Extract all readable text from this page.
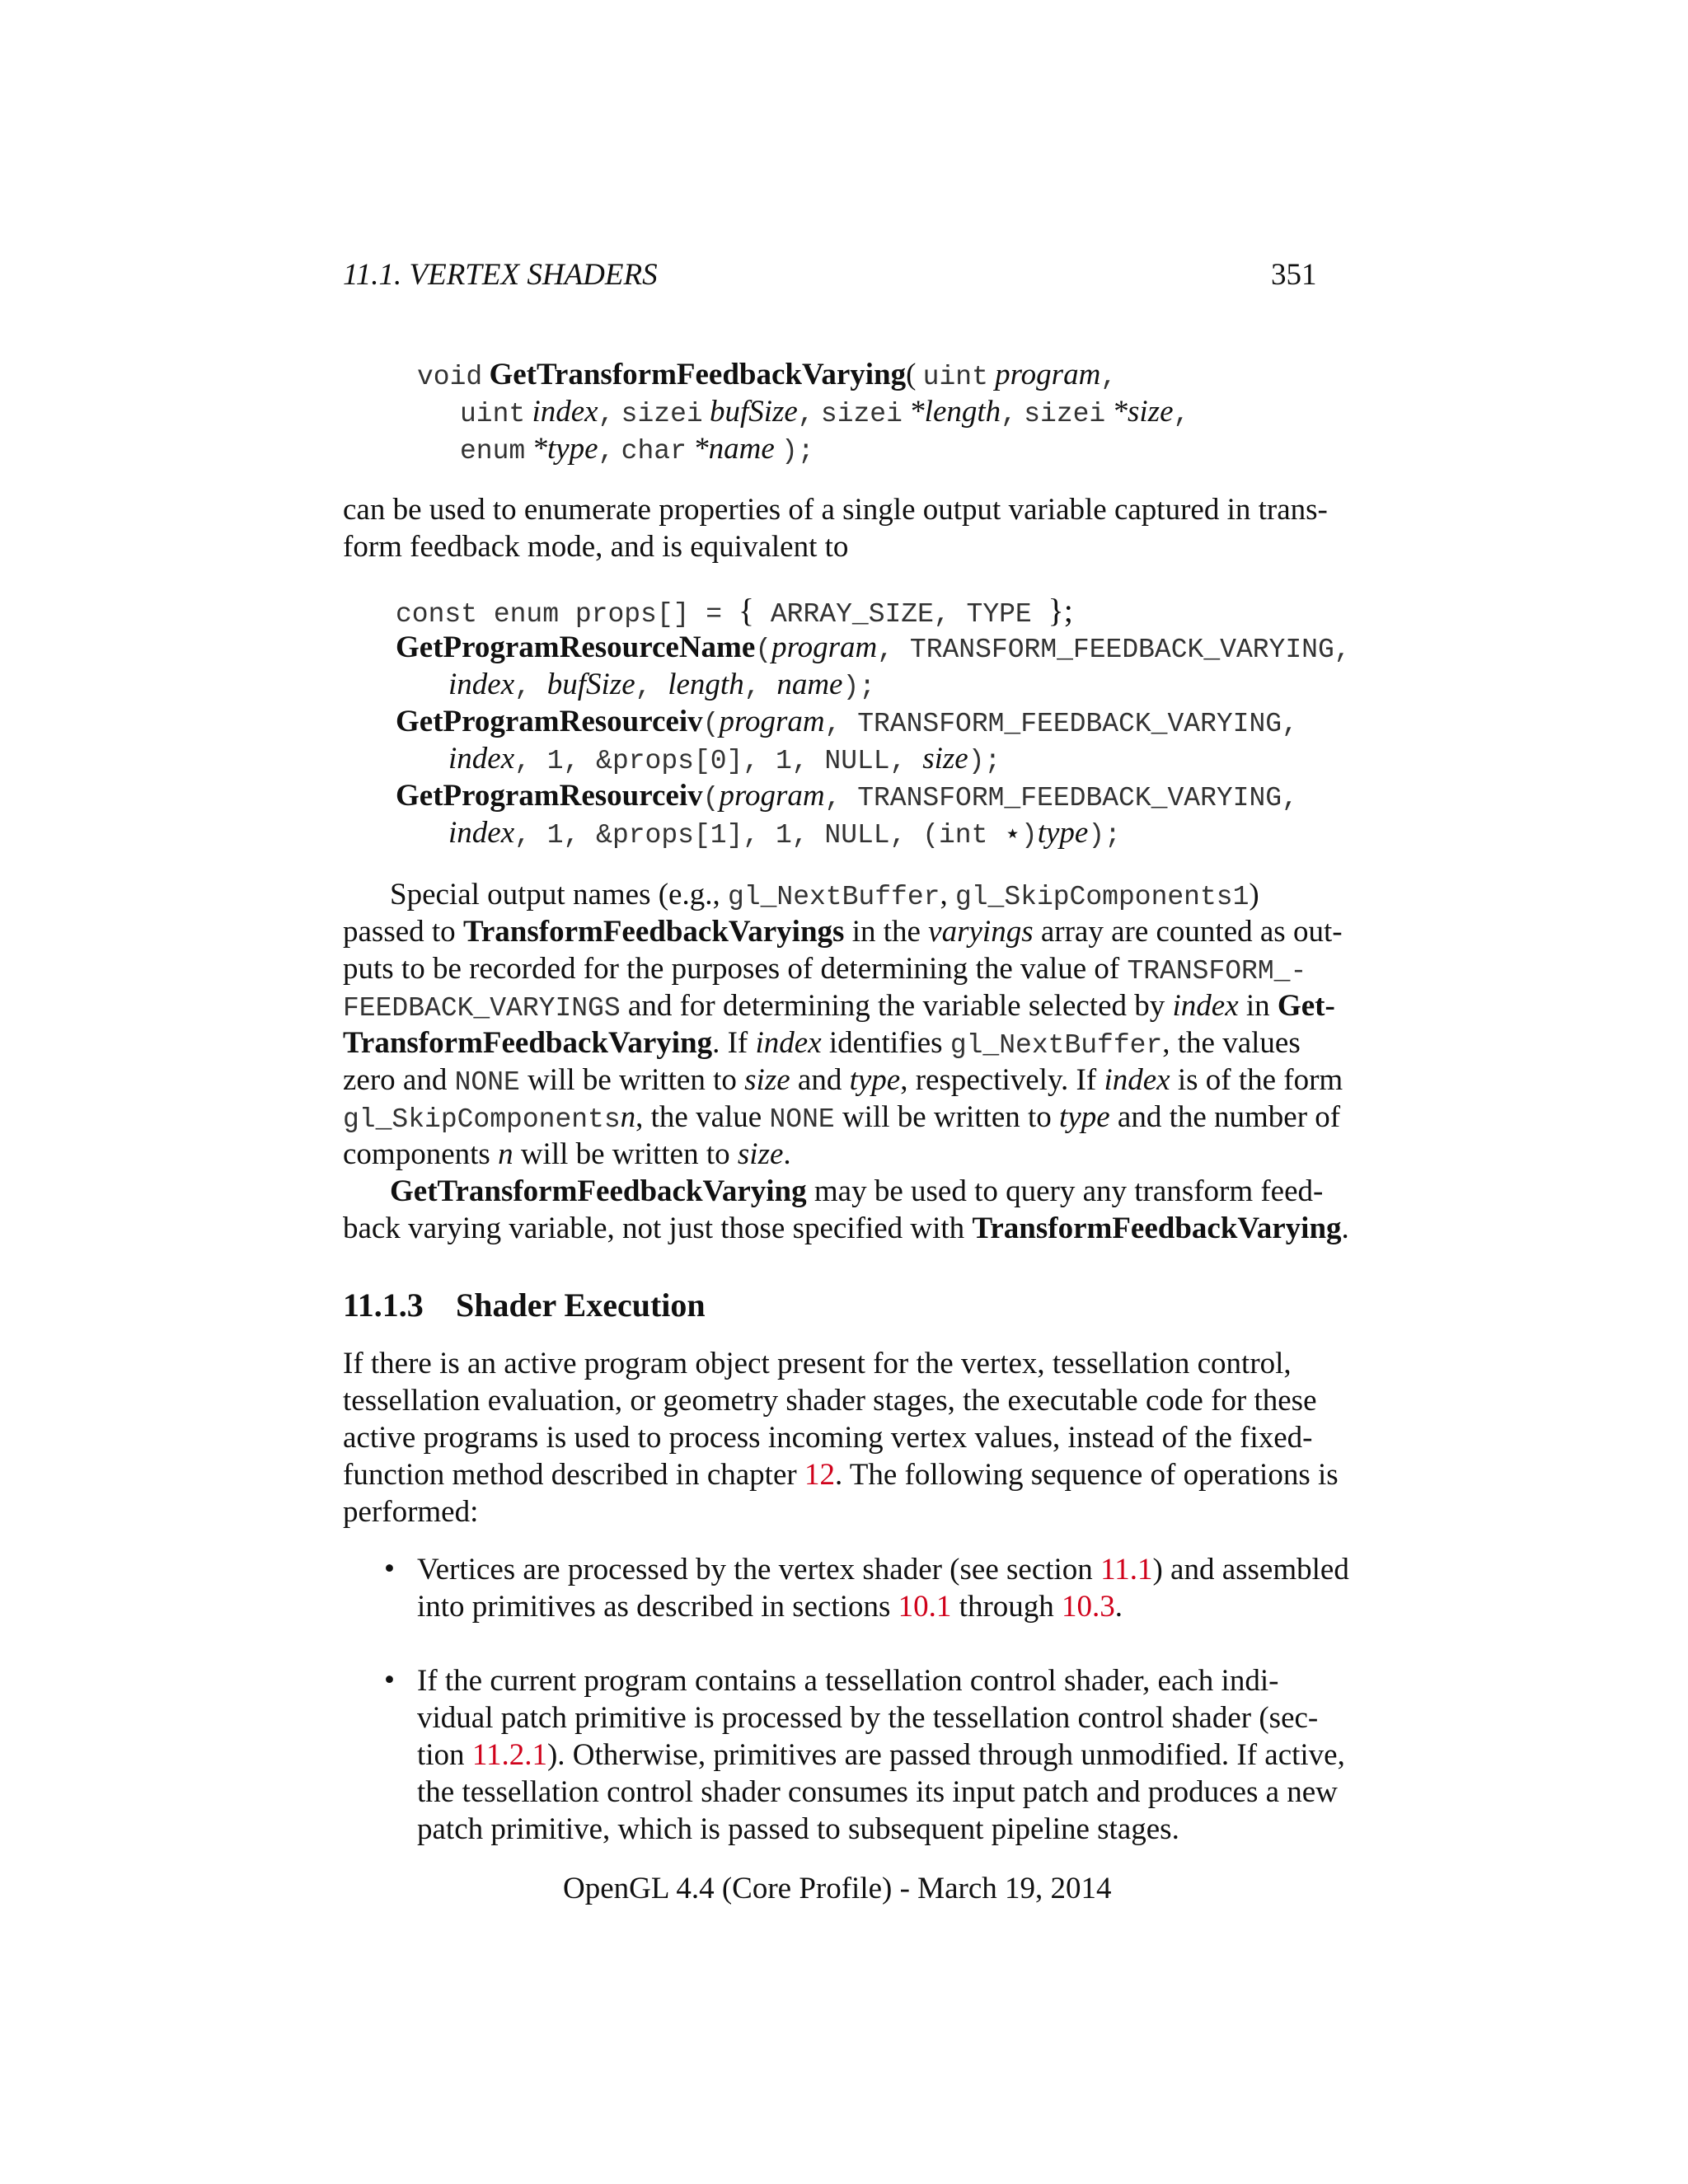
11.1. VERTEX SHADERS	351
void GetTransformFeedbackVarying( uint program,
uint index, sizei bufSize, sizei *length, sizei *size,
enum *type, char *name );
can be used to enumerate properties of a single output variable captured in trans-
form feedback mode, and is equivalent to
const enum props[] = { ARRAY_SIZE, TYPE };
GetProgramResourceName(program, TRANSFORM_FEEDBACK_VARYING,
index, bufSize, length, name);
GetProgramResourceiv(program, TRANSFORM_FEEDBACK_VARYING,
index, 1, &props[0], 1, NULL, size);
GetProgramResourceiv(program, TRANSFORM_FEEDBACK_VARYING,
index, 1, &props[1], 1, NULL, (int ⋆)type);
Special output names (e.g., gl_NextBuffer, gl_SkipComponents1)
passed to TransformFeedbackVaryings in the varyings array are counted as out-
puts to be recorded for the purposes of determining the value of TRANSFORM_-
FEEDBACK_VARYINGS and for determining the variable selected by index in Get-
TransformFeedbackVarying. If index identifies gl_NextBuffer, the values
zero and NONE will be written to size and type, respectively. If index is of the form
gl_SkipComponentsn, the value NONE will be written to type and the number of
components n will be written to size.
GetTransformFeedbackVarying may be used to query any transform feed-
back varying variable, not just those specified with TransformFeedbackVarying.
11.1.3 Shader Execution
If there is an active program object present for the vertex, tessellation control,
tessellation evaluation, or geometry shader stages, the executable code for these
active programs is used to process incoming vertex values, instead of the fixed-
function method described in chapter 12. The following sequence of operations is
performed:
• Vertices are processed by the vertex shader (see section 11.1) and assembled
into primitives as described in sections 10.1 through 10.3.
• If the current program contains a tessellation control shader, each indi-
vidual patch primitive is processed by the tessellation control shader (sec-
tion 11.2.1). Otherwise, primitives are passed through unmodified. If active,
the tessellation control shader consumes its input patch and produces a new
patch primitive, which is passed to subsequent pipeline stages.
OpenGL 4.4 (Core Profile) - March 19, 2014
